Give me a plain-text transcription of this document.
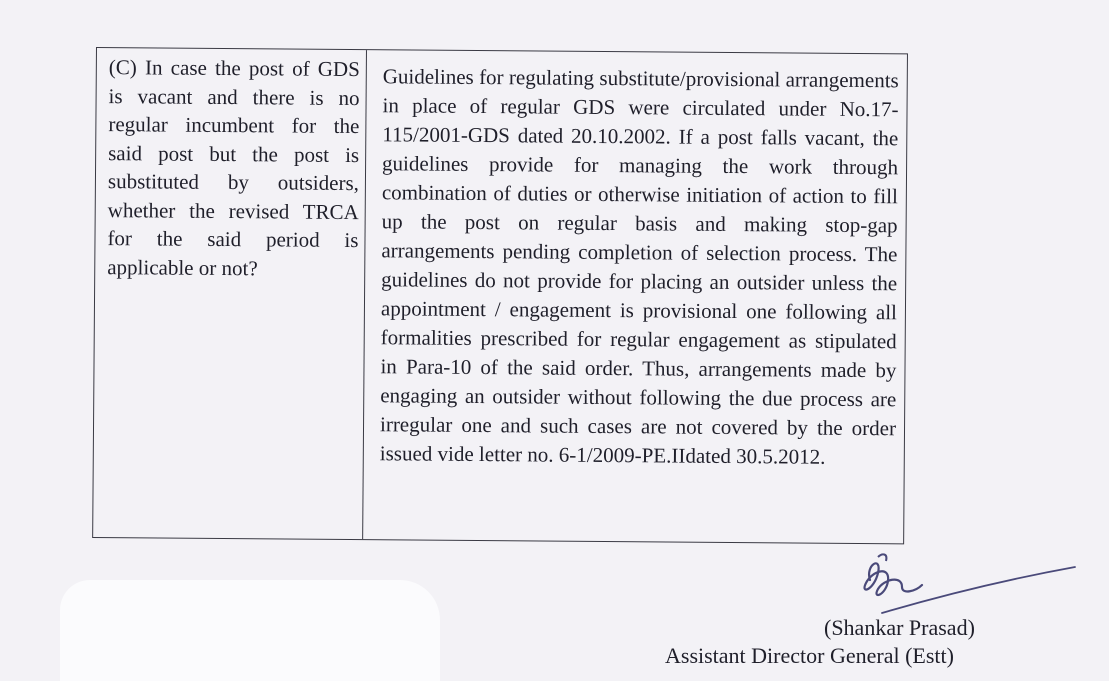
(C) In case the post of GDS is vacant and there is no regular incumbent for the said post but the post is substituted by outsiders, whether the revised TRCA for the said period is applicable or not?
Guidelines for regulating substitute/provisional arrangements in place of regular GDS were circulated under No.17-115/2001-GDS dated 20.10.2002. If a post falls vacant, the guidelines provide for managing the work through combination of duties or otherwise initiation of action to fill up the post on regular basis and making stop-gap arrangements pending completion of selection process. The guidelines do not provide for placing an outsider unless the appointment / engagement is provisional one following all formalities prescribed for regular engagement as stipulated in Para-10 of the said order. Thus, arrangements made by engaging an outsider without following the due process are irregular one and such cases are not covered by the order issued vide letter no. 6-1/2009-PE.IIdated 30.5.2012.
(Shankar Prasad)
Assistant Director General (Estt)
